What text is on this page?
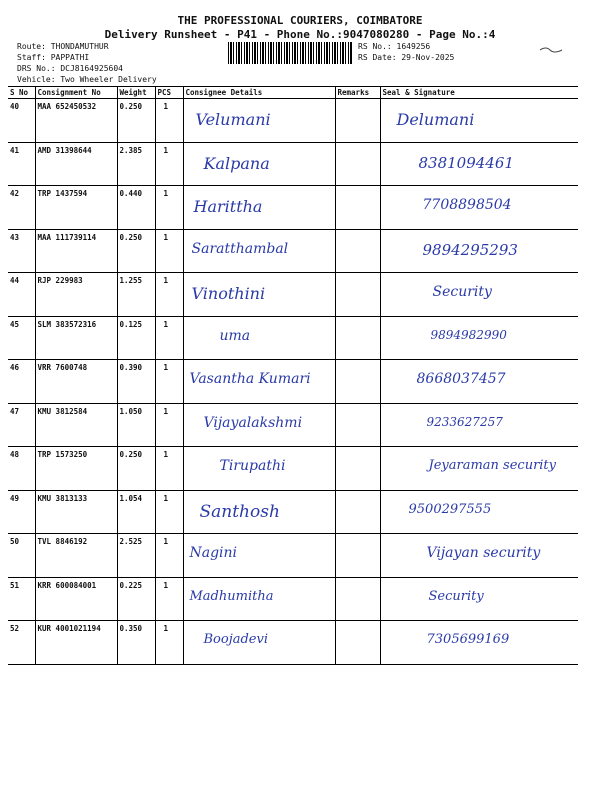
THE PROFESSIONAL COURIERS, COIMBATORE
Delivery Runsheet - P41 - Phone No.:9047080280 - Page No.:4
Route: THONDAMUTHUR
Staff: PAPPATHI
DRS No.: DCJ8164925604
Vehicle: Two Wheeler Delivery
RS No.: 1649256
RS Date: 29-Nov-2025
S No	Consignment No	Weight	PCS	Consignee Details	Remarks	Seal & Signature
40	MAA 652450532	0.250	1	Velumani		Delumani
41	AMD 31398644	2.385	1	Kalpana		8381094461
42	TRP 1437594	0.440	1	Harittha		7708898504
43	MAA 111739114	0.250	1	Saratthambal		9894295293
44	RJP 229983	1.255	1	Vinothini		Security
45	SLM 383572316	0.125	1	uma		9894982990
46	VRR 7600748	0.390	1	Vasantha Kumari		8668037457
47	KMU 3812584	1.050	1	Vijayalakshmi		9233627257
48	TRP 1573250	0.250	1	Tirupathi		Jeyaraman security
49	KMU 3813133	1.054	1	Santhosh		9500297555
50	TVL 8846192	2.525	1	Nagini		Vijayan security
51	KRR 600084001	0.225	1	Madhumitha		Security
52	KUR 4001021194	0.350	1	Boojadevi		7305699169
